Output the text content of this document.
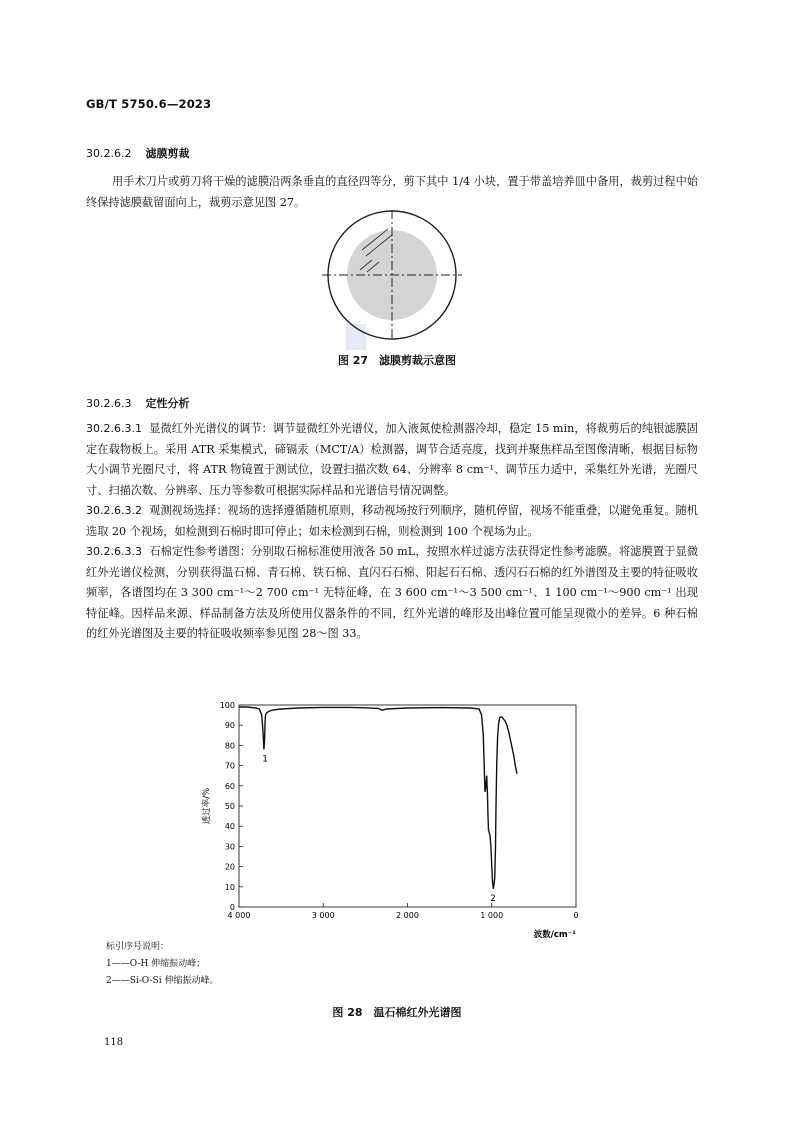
GB/T 5750.6—2023
30.2.6.2 滤膜剪裁

用手术刀片或剪刀将干燥的滤膜沿两条垂直的直径四等分，剪下其中 1/4 小块，置于带盖培养皿中备用，裁剪过程中始终保持滤膜截留面向上，裁剪示意见图 27。

小
图 27　滤膜剪裁示意图
30.2.6.3 定性分析

30.2.6.3.1 显微红外光谱仪的调节：调节显微红外光谱仪，加入液氮使检测器冷却，稳定 15 min，将裁剪后的纯银滤膜固定在载物板上。采用 ATR 采集模式，碲镉汞（MCT/A）检测器，调节合适亮度，找到并聚焦样品至图像清晰，根据目标物大小调节光圈尺寸，将 ATR 物镜置于测试位，设置扫描次数 64、分辨率 8 cm⁻¹、调节压力适中，采集红外光谱，光圈尺寸、扫描次数、分辨率、压力等参数可根据实际样品和光谱信号情况调整。

30.2.6.3.2 观测视场选择：视场的选择遵循随机原则，移动视场按行列顺序，随机停留，视场不能重叠，以避免重复。随机选取 20 个视场，如检测到石棉时即可停止；如未检测到石棉，则检测到 100 个视场为止。

30.2.6.3.3 石棉定性参考谱图：分别取石棉标准使用液各 50 mL，按照水样过滤方法获得定性参考滤膜。将滤膜置于显微红外光谱仪检测，分别获得温石棉、青石棉、铁石棉、直闪石石棉、阳起石石棉、透闪石石棉的红外谱图及主要的特征吸收频率，各谱图均在 3 300 cm⁻¹～2 700 cm⁻¹ 无特征峰，在 3 600 cm⁻¹～3 500 cm⁻¹、1 100 cm⁻¹～900 cm⁻¹ 出现特征峰。因样品来源、样品制备方法及所使用仪器条件的不同，红外光谱的峰形及出峰位置可能呈现微小的差异。6 种石棉的红外光谱图及主要的特征吸收频率参见图 28～图 33。

0
10
20
30
40
50
60
70
80
90
100
4 000	3 000	2 000	1 000	0
1
2
透过率/%
波数/cm⁻¹
标引序号说明：
1——O-H 伸缩振动峰；
2——Si-O-Si 伸缩振动峰。
图 28　温石棉红外光谱图
118
